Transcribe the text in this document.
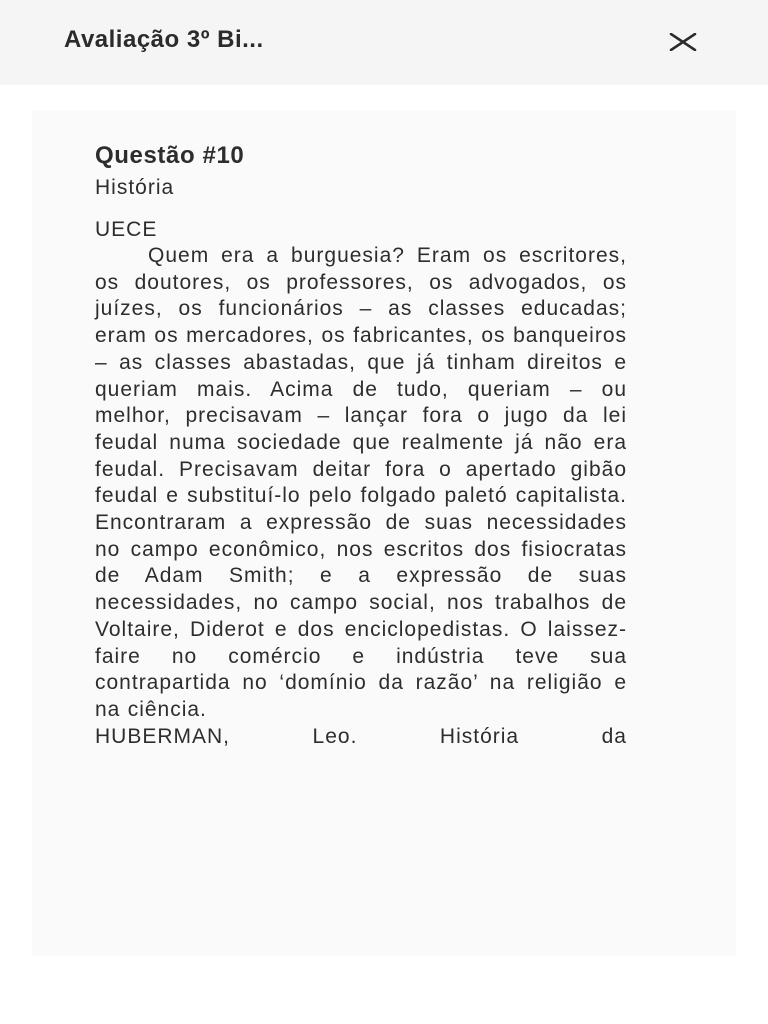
Avaliação 3º Bi...
Questão #10
História
UECE

Quem era a burguesia? Eram os escritores, os doutores, os professores, os advogados, os juízes, os funcionários – as classes educadas; eram os mercadores, os fabricantes, os banqueiros – as classes abastadas, que já tinham direitos e queriam mais. Acima de tudo, queriam – ou melhor, precisavam – lançar fora o jugo da lei feudal numa sociedade que realmente já não era feudal. Precisavam deitar fora o apertado gibão feudal e substituí-lo pelo folgado paletó capitalista. Encontraram a expressão de suas necessidades no campo econômico, nos escritos dos fisiocratas de Adam Smith; e a expressão de suas necessidades, no campo social, nos trabalhos de Voltaire, Diderot e dos enciclopedistas. O laissez-faire no comércio e indústria teve sua contrapartida no ‘domínio da razão’ na religião e na ciência.

HUBERMAN, Leo. História da
